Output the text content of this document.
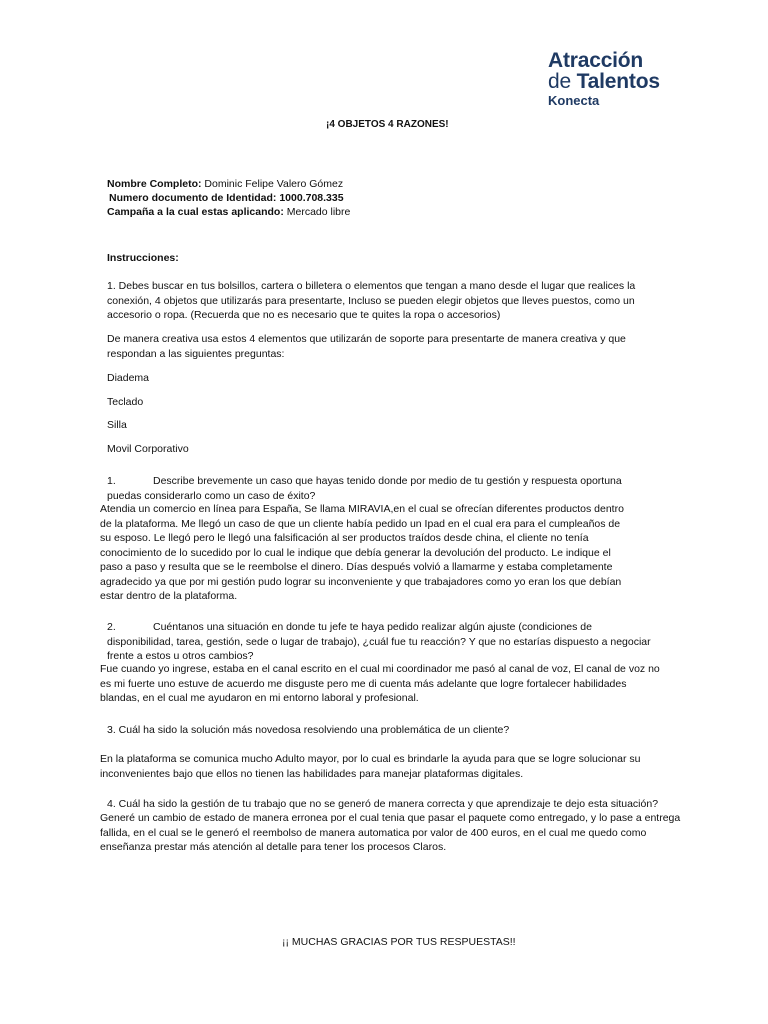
Atracción
de Talentos
Konecta
¡4 OBJETOS 4 RAZONES!
Nombre Completo: Dominic Felipe Valero Gómez
Numero documento de Identidad: 1000.708.335
Campaña a la cual estas aplicando: Mercado libre
Instrucciones:
1. Debes buscar en tus bolsillos, cartera o billetera o elementos que tengan a mano desde el lugar que realices la
conexión, 4 objetos que utilizarás para presentarte, Incluso se pueden elegir objetos que lleves puestos, como un
accesorio o ropa. (Recuerda que no es necesario que te quites la ropa o accesorios)
De manera creativa usa estos 4 elementos que utilizarán de soporte para presentarte de manera creativa y que
respondan a las siguientes preguntas:
Diadema
Teclado
Silla
Movil Corporativo
1.	Describe brevemente un caso que hayas tenido donde por medio de tu gestión y respuesta oportuna
puedas considerarlo como un caso de éxito?
Atendia un comercio en línea para España, Se llama MIRAVIA,en el cual se ofrecían diferentes productos dentro
de la plataforma. Me llegó un caso de que un cliente había pedido un Ipad en el cual era para el cumpleaños de
su esposo. Le llegó pero le llegó una falsificación al ser productos traídos desde china, el cliente no tenía
conocimiento de lo sucedido por lo cual le indique que debía generar la devolución del producto. Le indique el
paso a paso y resulta que se le reembolse el dinero. Días después volvió a llamarme y estaba completamente
agradecido ya que por mi gestión pudo lograr su inconveniente y que trabajadores como yo eran los que debían
estar dentro de la plataforma.
2.	Cuéntanos una situación en donde tu jefe te haya pedido realizar algún ajuste (condiciones de
disponibilidad, tarea, gestión, sede o lugar de trabajo), ¿cuál fue tu reacción? Y que no estarías dispuesto a negociar
frente a estos u otros cambios?
Fue cuando yo ingrese, estaba en el canal escrito en el cual mi coordinador me pasó al canal de voz, El canal de voz no
es mi fuerte uno estuve de acuerdo me disguste pero me di cuenta más adelante que logre fortalecer habilidades
blandas, en el cual me ayudaron en mi entorno laboral y profesional.
3. Cuál ha sido la solución más novedosa resolviendo una problemática de un cliente?
En la plataforma se comunica mucho Adulto mayor, por lo cual es brindarle la ayuda para que se logre solucionar su
inconvenientes bajo que ellos no tienen las habilidades para manejar plataformas digitales.
4. Cuál ha sido la gestión de tu trabajo que no se generó de manera correcta y que aprendizaje te dejo esta situación?
Generé un cambio de estado de manera erronea por el cual tenia que pasar el paquete como entregado, y lo pase a entrega
fallida, en el cual se le generó el reembolso de manera automatica por valor de 400 euros, en el cual me quedo como
enseñanza prestar más atención al detalle para tener los procesos Claros.
¡¡ MUCHAS GRACIAS POR TUS RESPUESTAS!!
